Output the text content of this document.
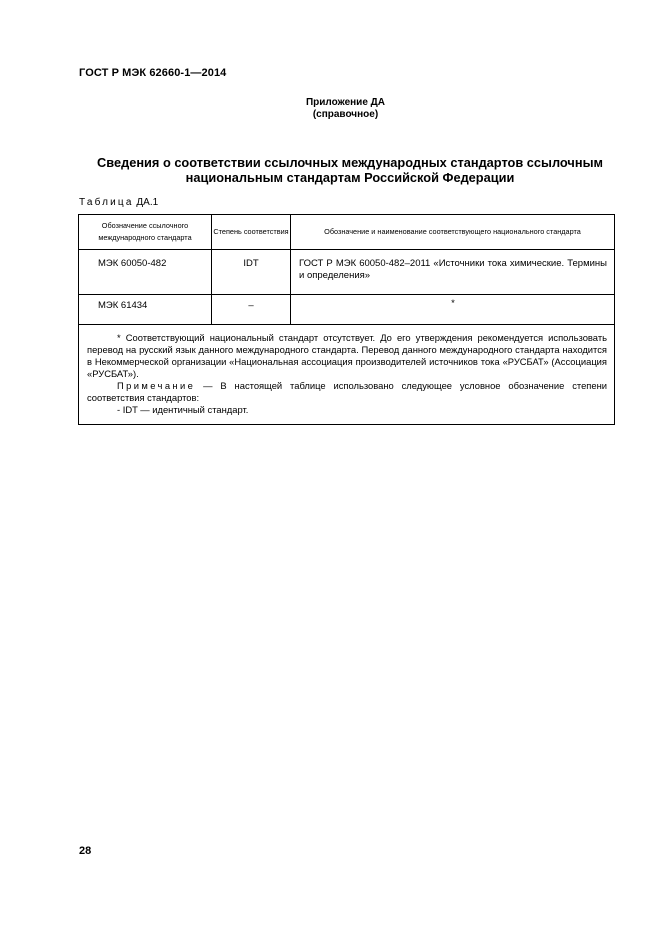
ГОСТ Р МЭК 62660-1—2014
Приложение ДА
(справочное)
Сведения о соответствии ссылочных международных стандартов ссылочным национальным стандартам Российской Федерации
Таблица ДА.1
Обозначение ссылочного международного стандарта	Степень соответствия	Обозначение и наименование соответствующего национального стандарта
МЭК 60050-482	IDT	ГОСТ Р МЭК 60050-482–2011 «Источники тока химические. Термины и определения»
МЭК 61434	–	*

* Соответствующий национальный стандарт отсутствует. До его утверждения рекомендуется использовать перевод на русский язык данного международного стандарта. Перевод данного международного стандарта находится в Некоммерческой организации «Национальная ассоциация производителей источников тока «РУСБАТ» (Ассоциация «РУСБАТ»).

Примечание — В настоящей таблице использовано следующее условное обозначение степени соответствия стандартов:

- IDT — идентичный стандарт.		

28
